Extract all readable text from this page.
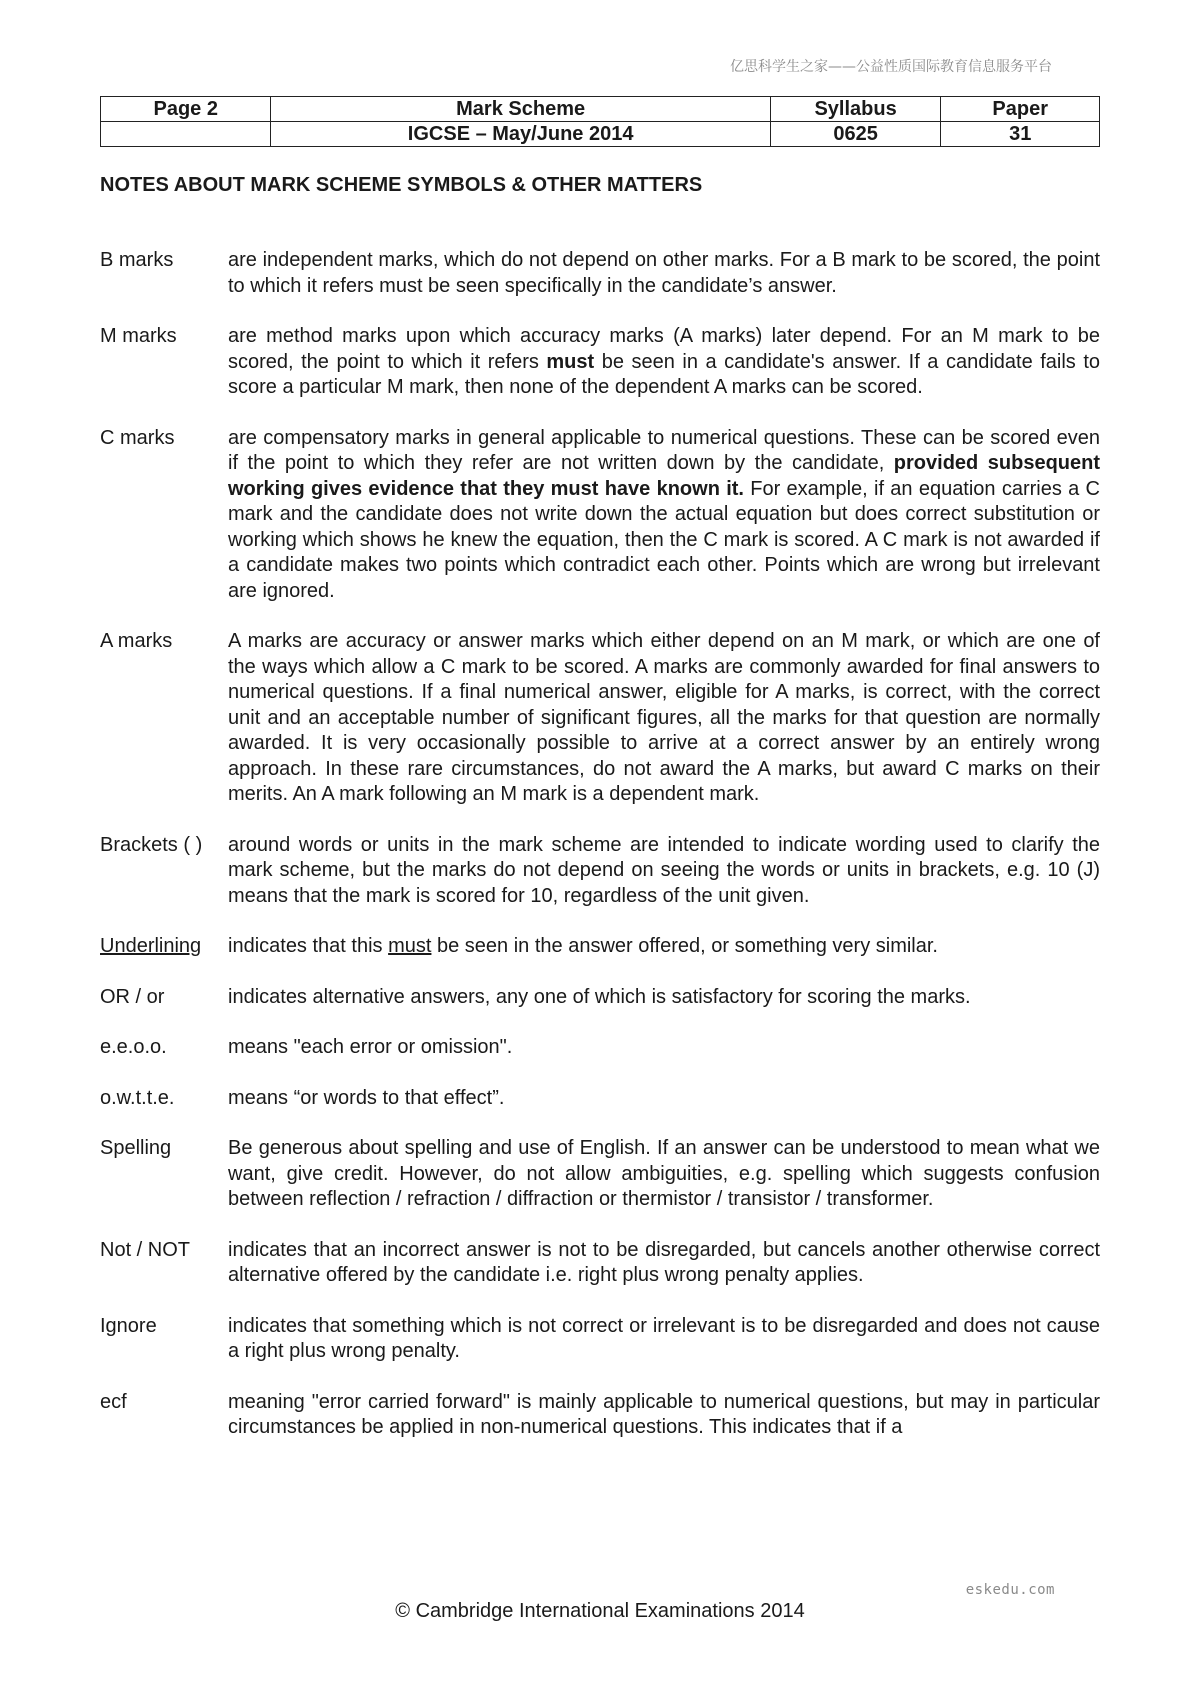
亿思科学生之家——公益性质国际教育信息服务平台
Page 2	Mark Scheme	Syllabus	Paper
	IGCSE – May/June 2014	0625	31
NOTES ABOUT MARK SCHEME SYMBOLS & OTHER MATTERS
B marks	are independent marks, which do not depend on other marks. For a B mark to be scored, the point to which it refers must be seen specifically in the candidate’s answer.
M marks	are method marks upon which accuracy marks (A marks) later depend. For an M mark to be scored, the point to which it refers must be seen in a candidate's answer. If a candidate fails to score a particular M mark, then none of the dependent A marks can be scored.
C marks	are compensatory marks in general applicable to numerical questions. These can be scored even if the point to which they refer are not written down by the candidate, provided subsequent working gives evidence that they must have known it. For example, if an equation carries a C mark and the candidate does not write down the actual equation but does correct substitution or working which shows he knew the equation, then the C mark is scored. A C mark is not awarded if a candidate makes two points which contradict each other. Points which are wrong but irrelevant are ignored.
A marks	A marks are accuracy or answer marks which either depend on an M mark, or which are one of the ways which allow a C mark to be scored. A marks are commonly awarded for final answers to numerical questions. If a final numerical answer, eligible for A marks, is correct, with the correct unit and an acceptable number of significant figures, all the marks for that question are normally awarded. It is very occasionally possible to arrive at a correct answer by an entirely wrong approach. In these rare circumstances, do not award the A marks, but award C marks on their merits. An A mark following an M mark is a dependent mark.
Brackets ( )	around words or units in the mark scheme are intended to indicate wording used to clarify the mark scheme, but the marks do not depend on seeing the words or units in brackets, e.g. 10 (J) means that the mark is scored for 10, regardless of the unit given.
Underlining	indicates that this must be seen in the answer offered, or something very similar.
OR / or	indicates alternative answers, any one of which is satisfactory for scoring the marks.
e.e.o.o.	means "each error or omission".
o.w.t.t.e.	means “or words to that effect”.
Spelling	Be generous about spelling and use of English. If an answer can be understood to mean what we want, give credit. However, do not allow ambiguities, e.g. spelling which suggests confusion between reflection / refraction / diffraction or thermistor / transistor / transformer.
Not / NOT	indicates that an incorrect answer is not to be disregarded, but cancels another otherwise correct alternative offered by the candidate i.e. right plus wrong penalty applies.
Ignore	indicates that something which is not correct or irrelevant is to be disregarded and does not cause a right plus wrong penalty.
ecf	meaning "error carried forward" is mainly applicable to numerical questions, but may in particular circumstances be applied in non-numerical questions. This indicates that if a
eskedu.com
© Cambridge International Examinations 2014
